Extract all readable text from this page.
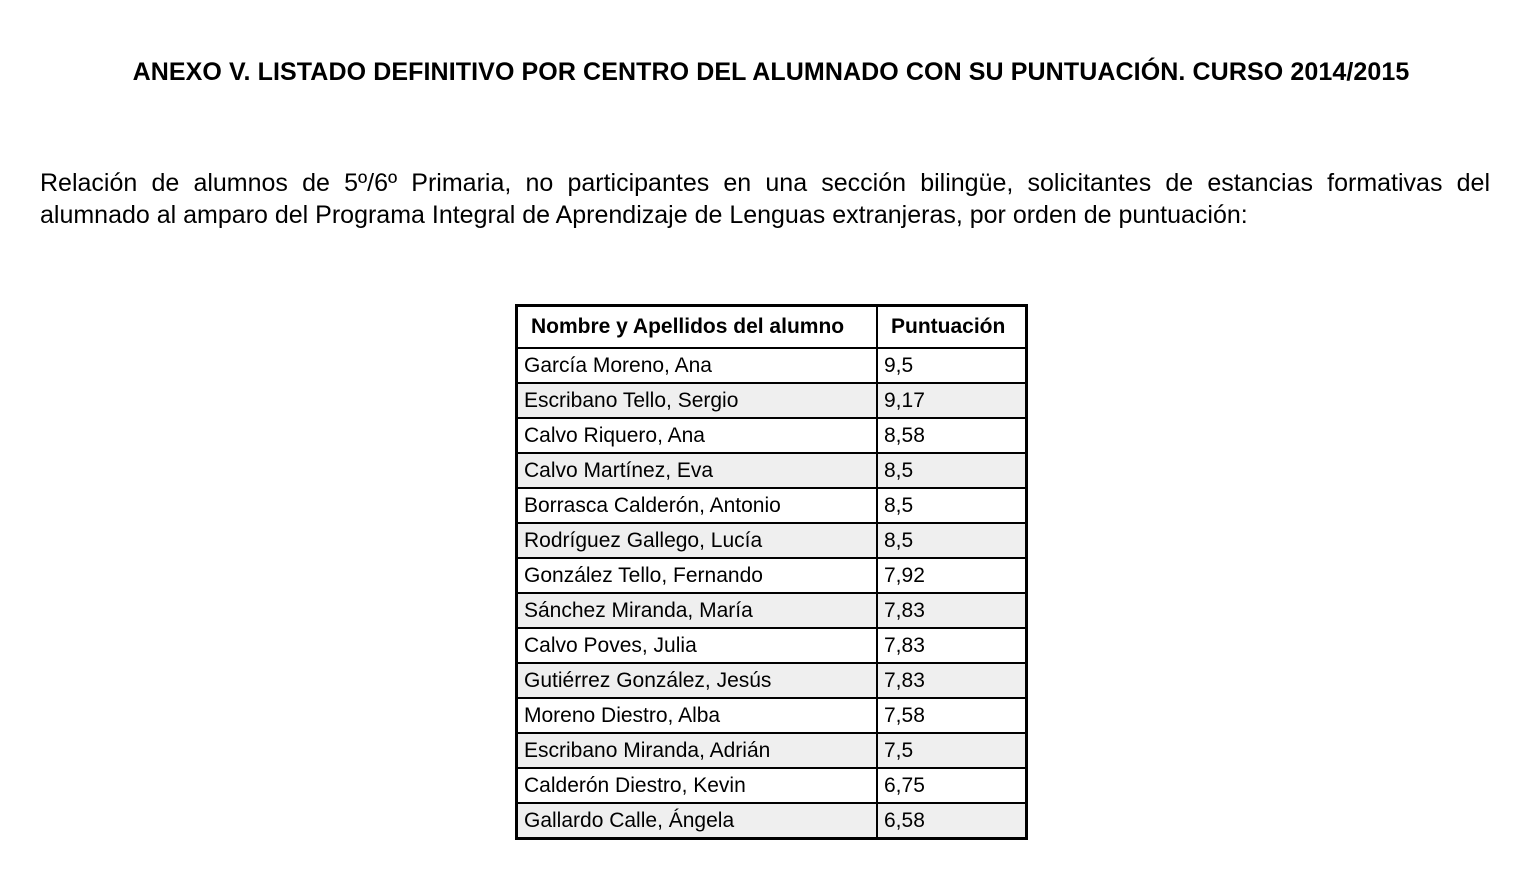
ANEXO V. LISTADO DEFINITIVO POR CENTRO DEL ALUMNADO CON SU PUNTUACIÓN. CURSO 2014/2015
Relación de alumnos de 5º/6º Primaria, no participantes en una sección bilingüe, solicitantes de estancias formativas del alumnado al amparo del Programa Integral de Aprendizaje de Lenguas extranjeras, por orden de puntuación:
Nombre y Apellidos del alumno	Puntuación
García Moreno, Ana	9,5
Escribano Tello, Sergio	9,17
Calvo Riquero, Ana	8,58
Calvo Martínez, Eva	8,5
Borrasca Calderón, Antonio	8,5
Rodríguez Gallego, Lucía	8,5
González Tello, Fernando	7,92
Sánchez Miranda, María	7,83
Calvo Poves, Julia	7,83
Gutiérrez González, Jesús	7,83
Moreno Diestro, Alba	7,58
Escribano Miranda, Adrián	7,5
Calderón Diestro, Kevin	6,75
Gallardo Calle, Ángela	6,58
